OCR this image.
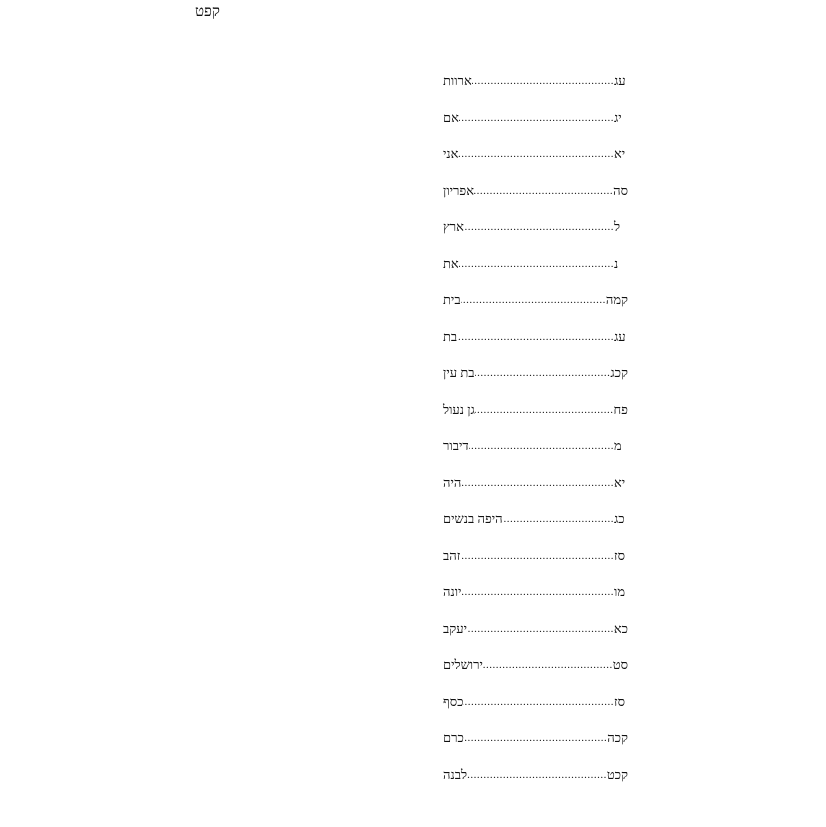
קפט
ארוות .....	עג
אם .....	יג
אני .....	יא
אפריון .....	סה
ארץ .....	ל
את .....	נ
בית .....	קמה
בת .....	עג
בת עין .....	קכג
גן נעול .....	פח
דיבור .....	מ
היה .....	יא
היפה בנשים .....	כג
זהב .....	סז
יונה .....	מו
יעקב .....	כא
ירושלים .....	סט
כסף .....	סז
כרם .....	קכה
לבנה .....	קכט
